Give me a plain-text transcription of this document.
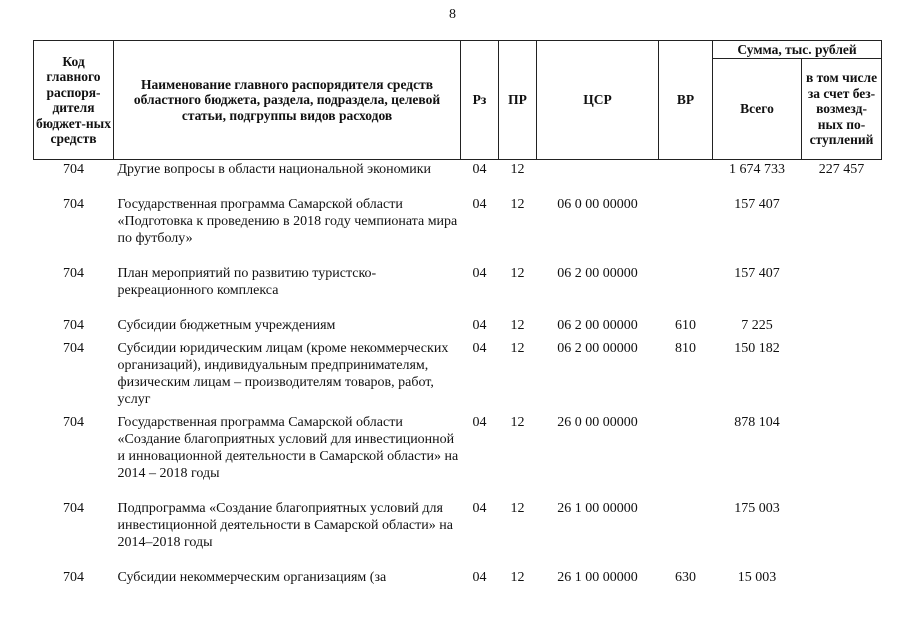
8
Код главного распоря-дителя бюджет-ных средств	Наименование главного распорядителя средств областного бюджета, раздела, подраздела, целевой статьи, подгруппы видов расходов	Рз	ПР	ЦСР	ВР	Сумма, тыс. рублей	
						Всего	в том числе за счет без-возмезд-ных по-ступлений
704	Другие вопросы в области национальной экономики	04	12			1 674 733	227 457
704	Государственная программа Самарской области «Подготовка к проведению в 2018 году чемпионата мира по футболу»	04	12	06 0 00 00000		157 407	
704	План мероприятий по развитию туристско-рекреационного комплекса	04	12	06 2 00 00000		157 407	
704	Субсидии бюджетным учреждениям	04	12	06 2 00 00000	610	7 225	
704	Субсидии юридическим лицам (кроме некоммерческих организаций), индивидуальным предпринимателям, физическим лицам – производителям товаров, работ, услуг	04	12	06 2 00 00000	810	150 182	
704	Государственная программа Самарской области «Создание благоприятных условий для инвестиционной и инновационной деятельности в Самарской области» на 2014 – 2018 годы	04	12	26 0 00 00000		878 104	
704	Подпрограмма «Создание благоприятных условий для инвестиционной деятельности в Самарской области» на 2014–2018 годы	04	12	26 1 00 00000		175 003	
704	Субсидии некоммерческим организациям (за	04	12	26 1 00 00000	630	15 003	
